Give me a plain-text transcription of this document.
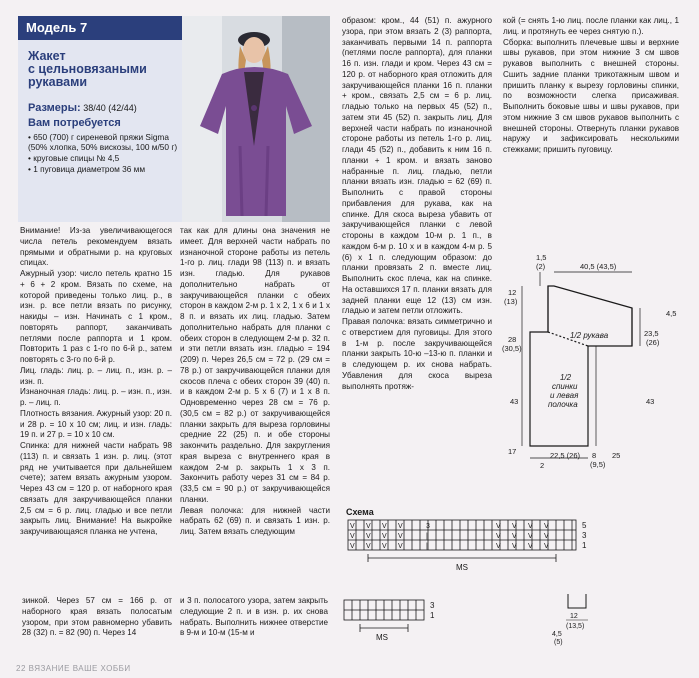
Модель 7
Жакет
с цельновязаными
рукавами
Размеры: 38/40 (42/44)
Вам потребуется
• 650 (700) г сиреневой пряжи Sigma (50% хлопка, 50% вискозы, 100 м/50 г)
• круговые спицы № 4,5
• 1 пуговица диаметром 36 мм

Внимание! Из-за увеличивающегося числа петель рекомендуем вязать прямыми и обратными р. на круговых спицах.

Ажурный узор: число петель кратно 15 + 6 + 2 кром. Вязать по схеме, на которой приведены только лиц. р., в изн. р. все петли вязать по рисунку, накиды – изн. Начинать с 1 кром., повторять раппорт, заканчивать петлями после раппорта и 1 кром. Повторить 1 раз с 1-го по 6-й р., затем повторять с 3-го по 6-й р.

Лиц. гладь: лиц. р. – лиц. п., изн. р. – изн. п.

Изнаночная гладь: лиц. р. – изн. п., изн. р. – лиц. п.

Плотность вязания. Ажурный узор: 20 п. и 28 р. = 10 х 10 см; лиц. и изн. гладь: 19 п. и 27 р. = 10 х 10 см.

Спинка: для нижней части набрать 98 (113) п. и связать 1 изн. р. лиц. (этот ряд не учитывается при дальнейшем счете); затем вязать ажурным узором. Через 43 см = 120 р. от наборного края связать для закручивающейся планки 2,5 см = 6 р. лиц. гладью и все петли закрыть лиц. Внимание! На выкройке закручивающаяся планка не учтена,

так как для длины она значения не имеет. Для верхней части набрать по изнаночной стороне работы из петель 1-го р. лиц. глади 98 (113) п. и вязать изн. гладью. Для рукавов дополнительно набрать от закручивающейся планки с обеих сторон в каждом 2-м р. 1 х 2, 1 х 6 и 1 х 8 п. и вязать их лиц. гладью. Затем дополнительно набрать для планки с обеих сторон в следующем 2-м р. 32 п. и эти петли вязать изн. гладью = 194 (209) п. Через 26,5 см = 72 р. (29 см = 78 р.) от закручивающейся планки для скосов плеча с обеих сторон 39 (40) п. и в каждом 2-м р. 5 х 6 (7) и 1 х 8 п. Одновременно через 28 см = 76 р. (30,5 см = 82 р.) от закручивающейся планки закрыть для выреза горловины средние 22 (25) п. и обе стороны закончить раздельно. Для закругления края выреза с внутреннего края в каждом 2-м р. закрыть 1 х 3 п. Закончить работу через 31 см = 84 р. (33,5 см = 90 р.) от закручивающейся планки.

Левая полочка: для нижней части набрать 62 (69) п. и связать 1 изн. р. лиц. Затем вязать следующим

образом: кром., 44 (51) п. ажурного узора, при этом вязать 2 (3) раппорта, заканчивать первыми 14 п. раппорта (петлями после раппорта), для планки 16 п. изн. глади и кром. Через 43 см = 120 р. от наборного края отложить для закручивающейся планки 16 п. планки + кром., связать 2,5 см = 6 р. лиц. гладью только на первых 45 (52) п., затем эти 45 (52) п. закрыть лиц. Для верхней части набрать по изнаночной стороне работы из петель 1-го р. лиц. глади 45 (52) п., добавить к ним 16 п. планки + 1 кром. и вязать заново набранные п. лиц. гладью, петли планки вязать изн. гладью = 62 (69) п. Выполнить с правой стороны прибавления для рукава, как на спинке. Для скоса выреза убавить от закручивающейся планки с левой стороны в каждом 10-м р. 1 п., в каждом 6-м р. 10 х и в каждом 4-м р. 5 (6) х 1 п. следующим образом: до планки провязать 2 п. вместе лиц. Выполнить скос плеча, как на спинке. На оставшихся 17 п. планки вязать для задней планки еще 12 (13) см изн. гладью и затем петли отложить.

Правая полочка: вязать симметрично и с отверстием для пуговицы. Для этого в 1-м р. после закручивающейся планки закрыть 10-ю –13-ю п. планки и в следующем р. их снова набрать. Убавления для скоса выреза выполнять протяж-

кой (= снять 1-ю лиц. после планки как лиц., 1 лиц. и протянуть ее через снятую п.).

Сборка: выполнить плечевые швы и верхние швы рукавов, при этом нижние 3 см швов рукавов выполнить с внешней стороны. Сшить задние планки трикотажным швом и пришить планку к вырезу горловины спинки, по возможности слегка присаживая. Выполнить боковые швы и швы рукавов, при этом нижние 3 см швов рукавов выполнить с внешней стороны. Отвернуть планки рукавов наружу и зафиксировать несколькими стежками; пришить пуговицу.

1,5
(2)	40,5 (43,5)
12
(13)
28
(30,5)
1/2 рукава
4,5
23,5
(26)
1/2
спинки
и левая
полочка
43	43
17
2
22,5 (26) 8
(9,5)
25
Схема
V V V V
V V V V
V V V V
V V V V
V V V V
V V V V
3
|
|
5
3
1
MS
3
1
MS
12
(13,5)
4,5
(5)

зинкой. Через 57 см = 166 р. от наборного края вязать полосатым узором, при этом равномерно убавить 28 (32) п. = 82 (90) п. Через 14

и 3 п. полосатого узора, затем закрыть следующие 2 п. и в изн. р. их снова набрать. Выполнить нижнее отверстие в 9-м и 10-м (15-м и

22 ВЯЗАНИЕ ВАШЕ ХОББИ
